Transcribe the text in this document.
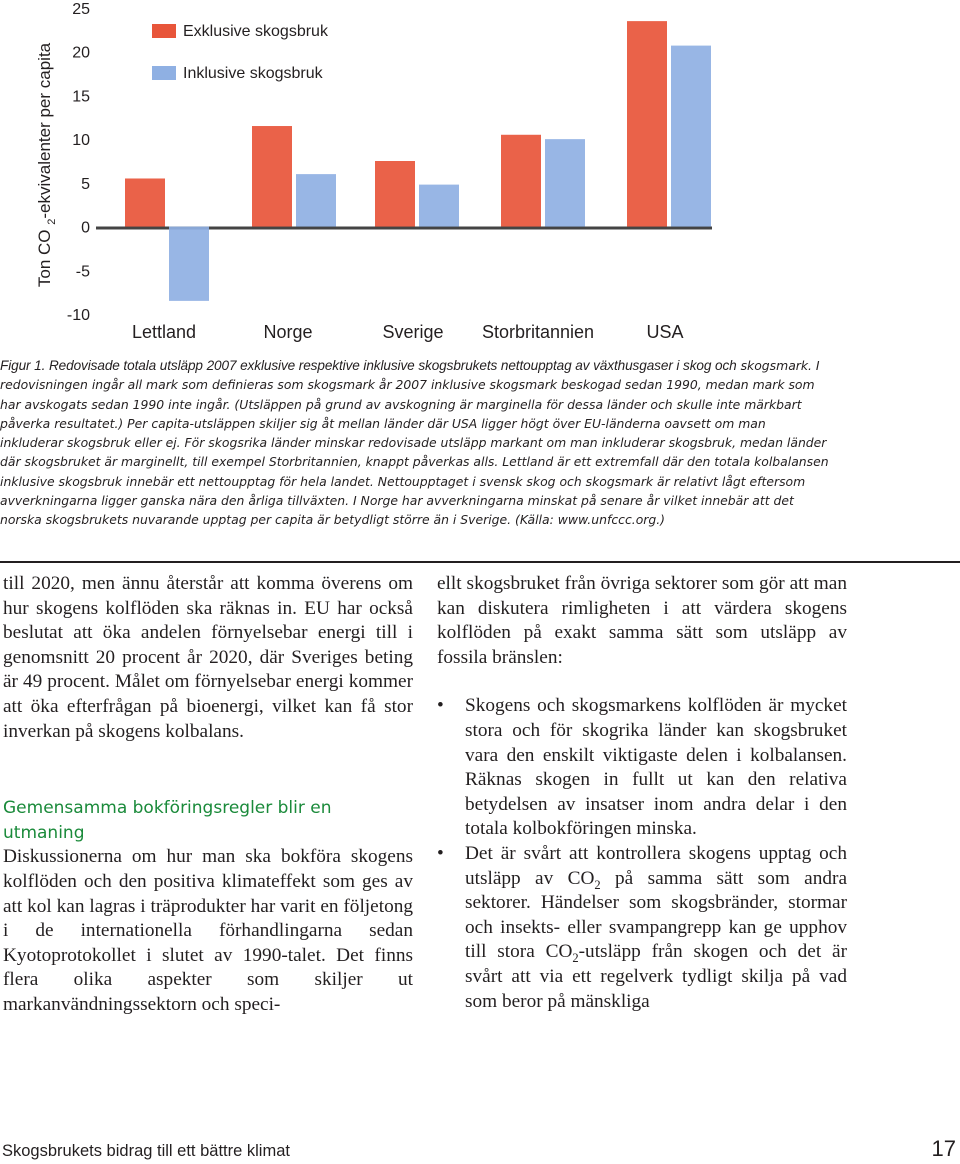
Ton CO $_2$-ekvivalenter per capita
25
20
15
10
5
0
-5
-10
Lettland	Norge	Sverige Storbritannien	USA
Exklusive skogsbruk
Inklusive skogsbruk

Figur 1. Redovisade totala utsläpp 2007 exklusive respektive inklusive skogsbrukets nettoupptag av växthusgaser i skog och skogsmark. I redovisningen ingår all mark som definieras som skogsmark år 2007 inklusive skogsmark beskogad sedan 1990, medan mark som har avskogats sedan 1990 inte ingår. (Utsläppen på grund av avskogning är marginella för dessa länder och skulle inte märkbart påverka resultatet.) Per capita-utsläppen skiljer sig åt mellan länder där USA ligger högt över EU-länderna oavsett om man inkluderar skogsbruk eller ej. För skogsrika länder minskar redovisade utsläpp markant om man inkluderar skogsbruk, medan länder där skogsbruket är marginellt, till exempel Storbritannien, knappt påverkas alls. Lettland är ett extremfall där den totala kolbalansen inklusive skogsbruk innebär ett nettoupptag för hela landet. Nettoupptaget i svensk skog och skogsmark är relativt lågt eftersom avverkningarna ligger ganska nära den årliga tillväxten. I Norge har avverkningarna minskat på senare år vilket innebär att det norska skogsbrukets nuvarande upptag per capita är betydligt större än i Sverige. (Källa: www.unfccc.org.)

till 2020, men ännu återstår att komma överens om hur skogens kolflöden ska räknas in. EU har också beslutat att öka andelen förnyelsebar energi till i genomsnitt 20 procent år 2020, där Sveriges beting är 49 procent. Målet om förnyelsebar energi kommer att öka efterfrågan på bioenergi, vilket kan få stor inverkan på skogens kolbalans.

Gemensamma bokföringsregler blir en utmaning

Diskussionerna om hur man ska bokföra skogens kolflöden och den positiva klimateffekt som ges av att kol kan lagras i träprodukter har varit en följetong i de internationella förhandlingarna sedan Kyotoprotokollet i slutet av 1990-talet. Det finns flera olika aspekter som skiljer ut markanvändningssektorn och speci-

ellt skogsbruket från övriga sektorer som gör att man kan diskutera rimligheten i att värdera skogens kolflöden på exakt samma sätt som utsläpp av fossila bränslen:

• Skogens och skogsmarkens kolflöden är mycket stora och för skogrika länder kan skogsbruket vara den enskilt viktigaste delen i kolbalansen. Räknas skogen in fullt ut kan den relativa betydelsen av insatser inom andra delar i den totala kolbokföringen minska.
• Det är svårt att kontrollera skogens upptag och utsläpp av $CO_2$ på samma sätt som andra sektorer. Händelser som skogsbränder, stormar och insekts- eller svampangrepp kan ge upphov till stora $CO_2$-utsläpp från skogen och det är svårt att via ett regelverk tydligt skilja på vad som beror på mänskliga
Skogsbrukets bidrag till ett bättre klimat	17
